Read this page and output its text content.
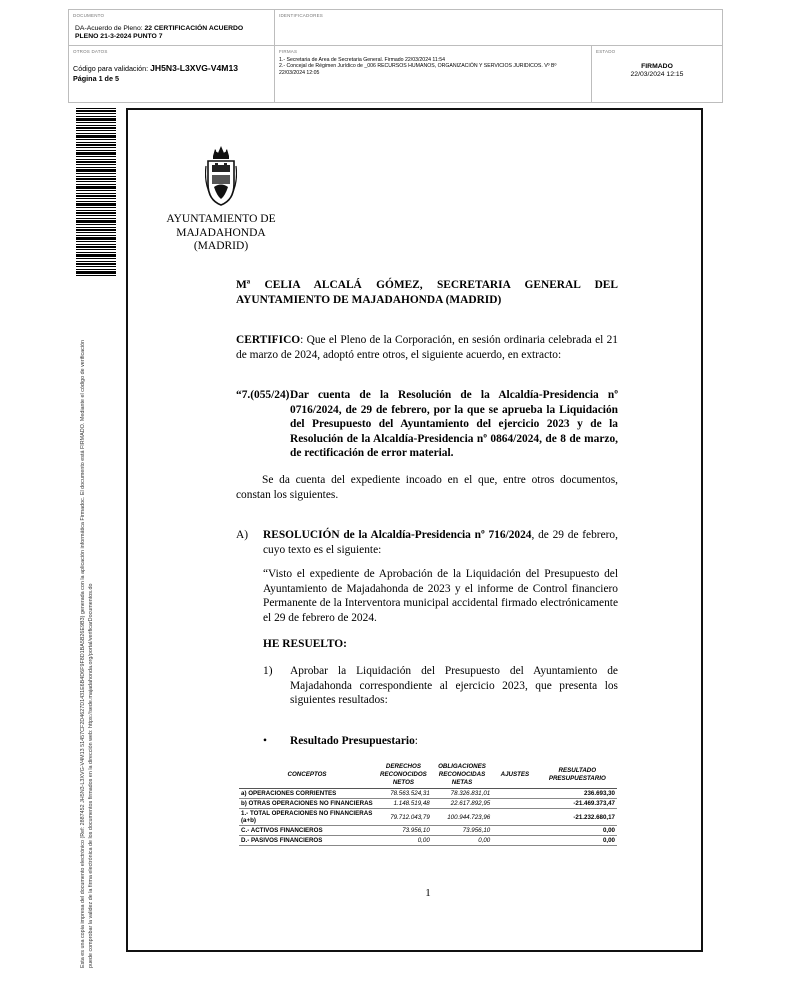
DOCUMENTO
DA-Acuerdo de Pleno: 22 CERTIFICACIÓN ACUERDO
PLENO 21-3-2024 PUNTO 7
IDENTIFICADORES
OTROS DATOS
Código para validación: JH5N3-L3XVG-V4M13
Página 1 de 5
FIRMAS
1.- Secretaria de Area de Secretaria General. Firmado 22/03/2024 11:54
2.- Concejal de Régimen Jurídico de _006 RECURSOS HUMANOS, ORGANIZACIÓN Y SERVICIOS JURIDICOS. Vº Bº
22/03/2024 12:05
ESTADO
FIRMADO
22/03/2024 12:15
Esta es una copia impresa del documento electrónico (Ref: 2887452 JH5N3-L3XVG-V4M13 51457CF2D4627D1431E6B4D6F9F8D1BA5B26E9B3) generada con la aplicación informática Firmadoc. El documento está FIRMADO. Mediante el código de verificación puede comprobar la validez de la firma electrónica de los documentos firmados en la dirección web: https://sede.majadahonda.org/portal/verificarDocumentos.do
AYUNTAMIENTO DE
MAJADAHONDA
(MADRID)
Mª CELIA ALCALÁ GÓMEZ, SECRETARIA GENERAL DEL AYUNTAMIENTO DE MAJADAHONDA (MADRID)
CERTIFICO: Que el Pleno de la Corporación, en sesión ordinaria celebrada el 21 de marzo de 2024, adoptó entre otros, el siguiente acuerdo, en extracto:
“7.(055/24) Dar cuenta de la Resolución de la Alcaldía-Presidencia nº 0716/2024, de 29 de febrero, por la que se aprueba la Liquidación del Presupuesto del Ayuntamiento del ejercicio 2023 y de la Resolución de la Alcaldía-Presidencia nº 0864/2024, de 8 de marzo, de rectificación de error material.
Se da cuenta del expediente incoado en el que, entre otros documentos, constan los siguientes.
A)	RESOLUCIÓN de la Alcaldía-Presidencia nº 716/2024, de 29 de febrero, cuyo texto es el siguiente:
“Visto el expediente de Aprobación de la Liquidación del Presupuesto del Ayuntamiento de Majadahonda de 2023 y el informe de Control financiero Permanente de la Interventora municipal accidental firmado electrónicamente el 29 de febrero de 2024.
HE RESUELTO:
1)	Aprobar la Liquidación del Presupuesto del Ayuntamiento de Majadahonda correspondiente al ejercicio 2023, que presenta los siguientes resultados:
•	Resultado Presupuestario:
CONCEPTOS	DERECHOS RECONOCIDOS NETOS	OBLIGACIONES RECONOCIDAS NETAS	AJUSTES	RESULTADO PRESUPUESTARIO
a) OPERACIONES CORRIENTES	78.563.524,31	78.326.831,01		236.693,30
b) OTRAS OPERACIONES NO FINANCIERAS	1.148.519,48	22.617.892,95		-21.469.373,47
1.- TOTAL OPERACIONES NO FINANCIERAS (a+b)	79.712.043,79	100.944.723,96		-21.232.680,17
C.- ACTIVOS FINANCIEROS	73.956,10	73.956,10		0,00
D.- PASIVOS FINANCIEROS	0,00	0,00		0,00
1
